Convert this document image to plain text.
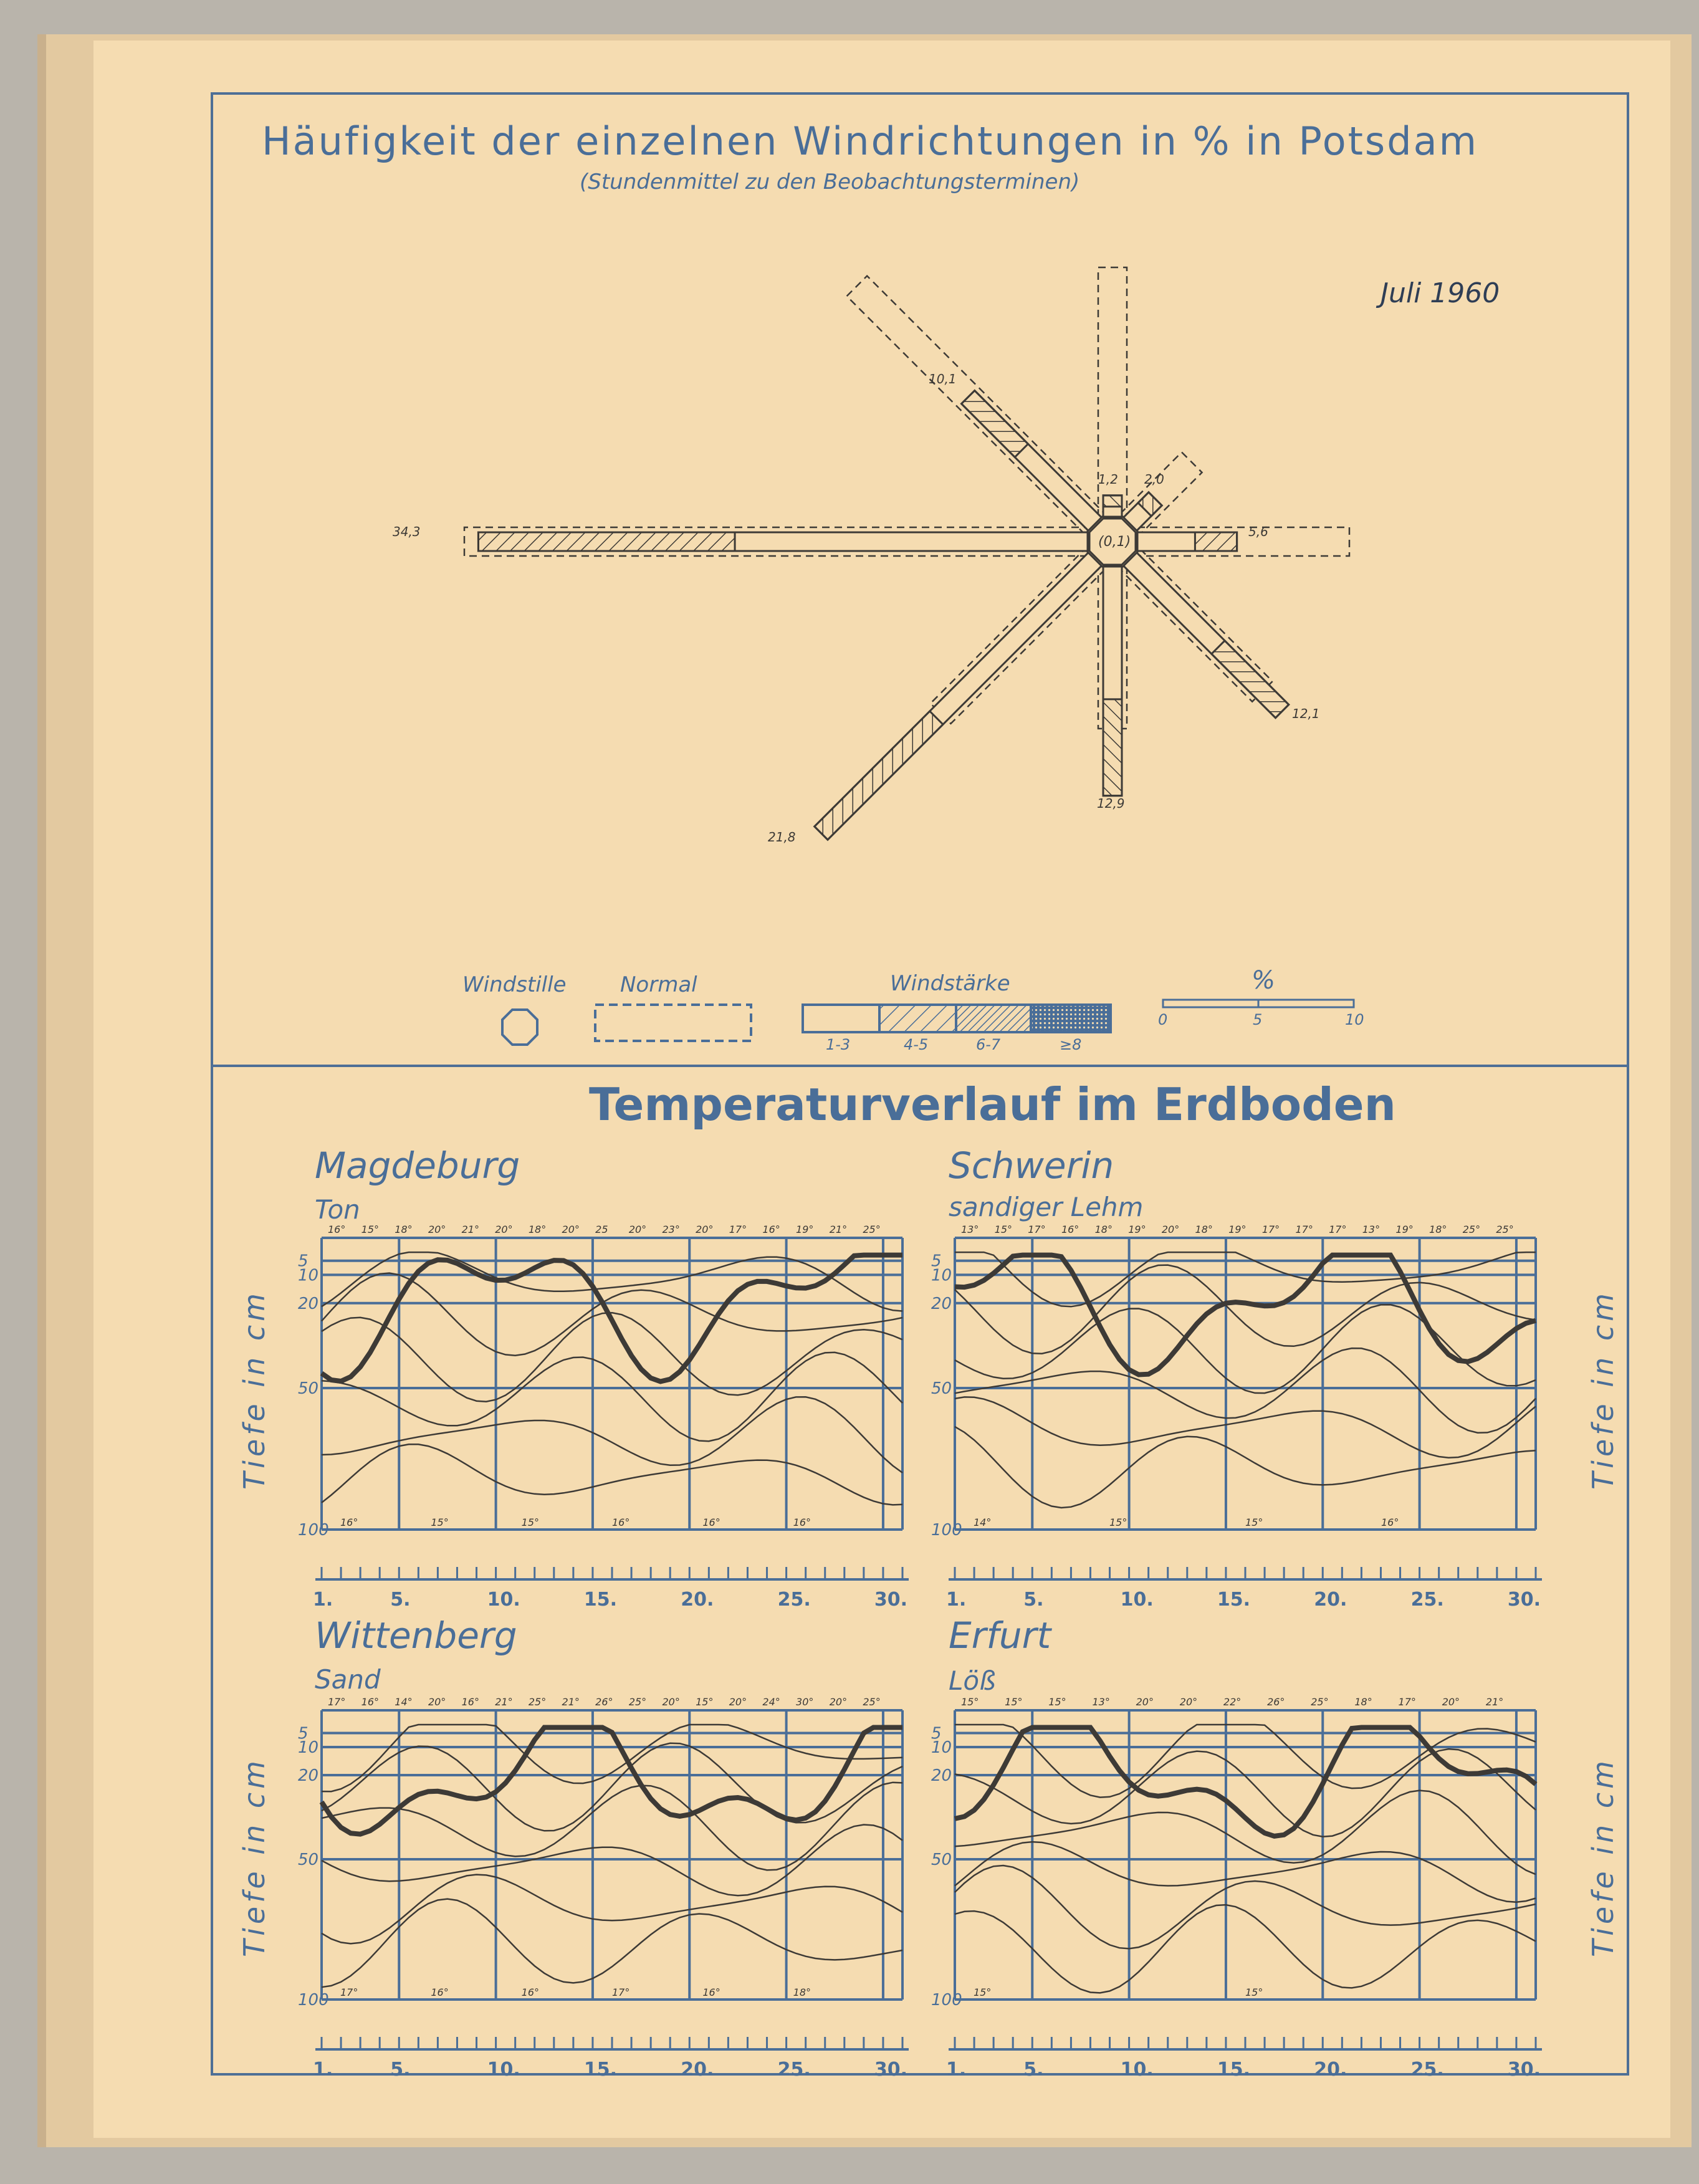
Häufigkeit der einzelnen Windrichtungen in % in Potsdam
(Stundenmittel zu den Beobachtungsterminen)
Juli 1960
(0,1)
1,2 2,0
5,6
12,1
12,9
21,8
34,3
10,1
Windstille	Normal	Windstärke
1-3	4-5	6-7	≥8
%
0	5	10
Temperaturverlauf im Erdboden
Magdeburg
Ton
Schwerin
sandiger Lehm
Wittenberg
Sand
Erfurt
Löß
Tiefe in cm	Tiefe in cm
Tiefe in cm	Tiefe in cm
5
10
20
50
100
1.	5.	10.	15.	20.	25.	30.
16° 15° 18° 20° 21° 20° 18° 20° 25 20° 23° 20° 17° 16° 19° 21° 25°
16°	15°	15°	16°	16°	16°
5
10
20
50
100
1.	5.	10.	15.	20.	25.	30.
13° 15° 17° 16° 18° 19° 20° 18° 19° 17° 17° 17° 13° 19° 18° 25° 25°
14°	15°	15°	16°
5
10
20
50
100
1.	5.	10.	15.	20.	25.	30.
17° 16° 14° 20° 16° 21° 25° 21° 26° 25° 20° 15° 20° 24° 30° 20° 25°
17°	16°	16°	17°	16°	18°
5
10
20
50
100
1.	5.	10.	15.	20.	25.	30.
15°	15°	15°	13°	20°	20°	22°	26°	25°	18°	17°	20°	21°
15°	15°
